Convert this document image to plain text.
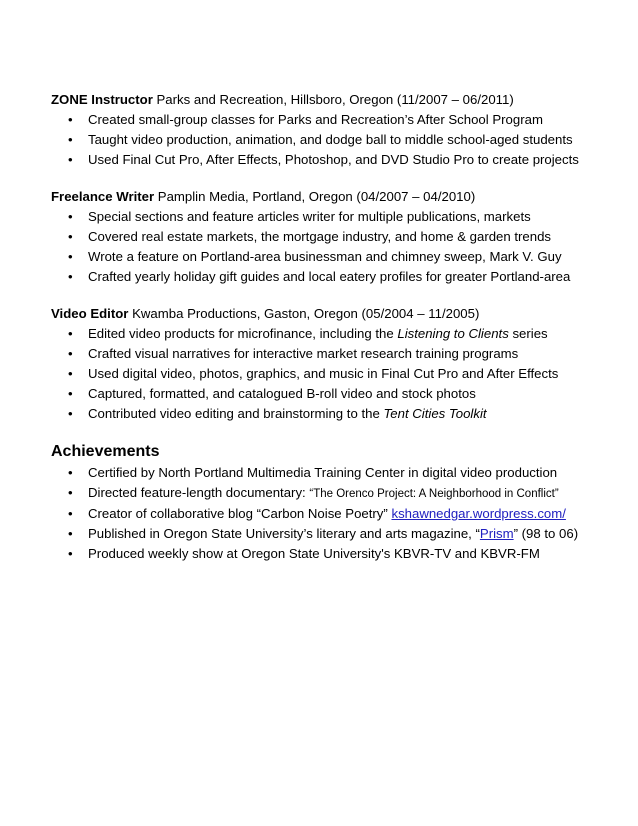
ZONE Instructor Parks and Recreation, Hillsboro, Oregon (11/2007 – 06/2011)
• Created small-group classes for Parks and Recreation’s After School Program
• Taught video production, animation, and dodge ball to middle school-aged students
• Used Final Cut Pro, After Effects, Photoshop, and DVD Studio Pro to create projects
Freelance Writer Pamplin Media, Portland, Oregon (04/2007 – 04/2010)
• Special sections and feature articles writer for multiple publications, markets
• Covered real estate markets, the mortgage industry, and home & garden trends
• Wrote a feature on Portland-area businessman and chimney sweep, Mark V. Guy
• Crafted yearly holiday gift guides and local eatery profiles for greater Portland-area
Video Editor Kwamba Productions, Gaston, Oregon (05/2004 – 11/2005)
• Edited video products for microfinance, including the Listening to Clients series
• Crafted visual narratives for interactive market research training programs
• Used digital video, photos, graphics, and music in Final Cut Pro and After Effects
• Captured, formatted, and catalogued B-roll video and stock photos
• Contributed video editing and brainstorming to the Tent Cities Toolkit
Achievements
• Certified by North Portland Multimedia Training Center in digital video production
• Directed feature-length documentary: “The Orenco Project: A Neighborhood in Conflict”
• Creator of collaborative blog “Carbon Noise Poetry” kshawnedgar.wordpress.com/
• Published in Oregon State University’s literary and arts magazine, “Prism” (98 to 06)
• Produced weekly show at Oregon State University's KBVR-TV and KBVR-FM
